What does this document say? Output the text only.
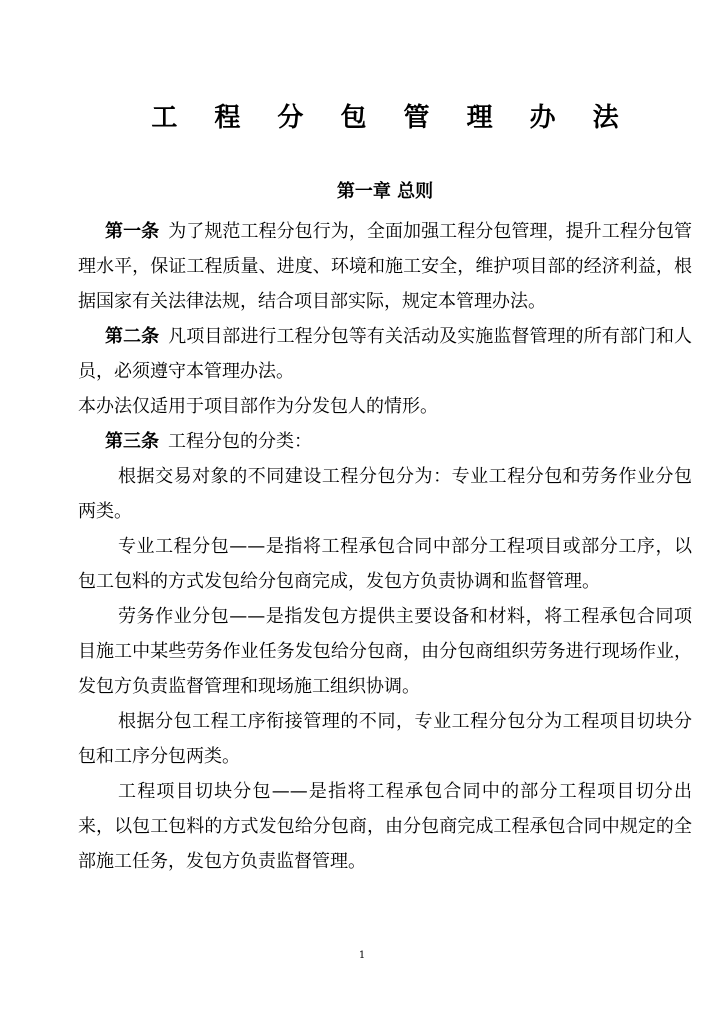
工 程 分 包 管 理 办 法
第一章 总则

第一条 为了规范工程分包行为，全面加强工程分包管理，提升工程分包管理水平，保证工程质量、进度、环境和施工安全，维护项目部的经济利益，根据国家有关法律法规，结合项目部实际，规定本管理办法。

第二条 凡项目部进行工程分包等有关活动及实施监督管理的所有部门和人员，必须遵守本管理办法。

本办法仅适用于项目部作为分发包人的情形。

第三条 工程分包的分类：

根据交易对象的不同建设工程分包分为：专业工程分包和劳务作业分包两类。

专业工程分包——是指将工程承包合同中部分工程项目或部分工序，以包工包料的方式发包给分包商完成，发包方负责协调和监督管理。

劳务作业分包——是指发包方提供主要设备和材料，将工程承包合同项目施工中某些劳务作业任务发包给分包商，由分包商组织劳务进行现场作业，发包方负责监督管理和现场施工组织协调。

根据分包工程工序衔接管理的不同，专业工程分包分为工程项目切块分包和工序分包两类。

工程项目切块分包——是指将工程承包合同中的部分工程项目切分出来，以包工包料的方式发包给分包商，由分包商完成工程承包合同中规定的全部施工任务，发包方负责监督管理。

1
